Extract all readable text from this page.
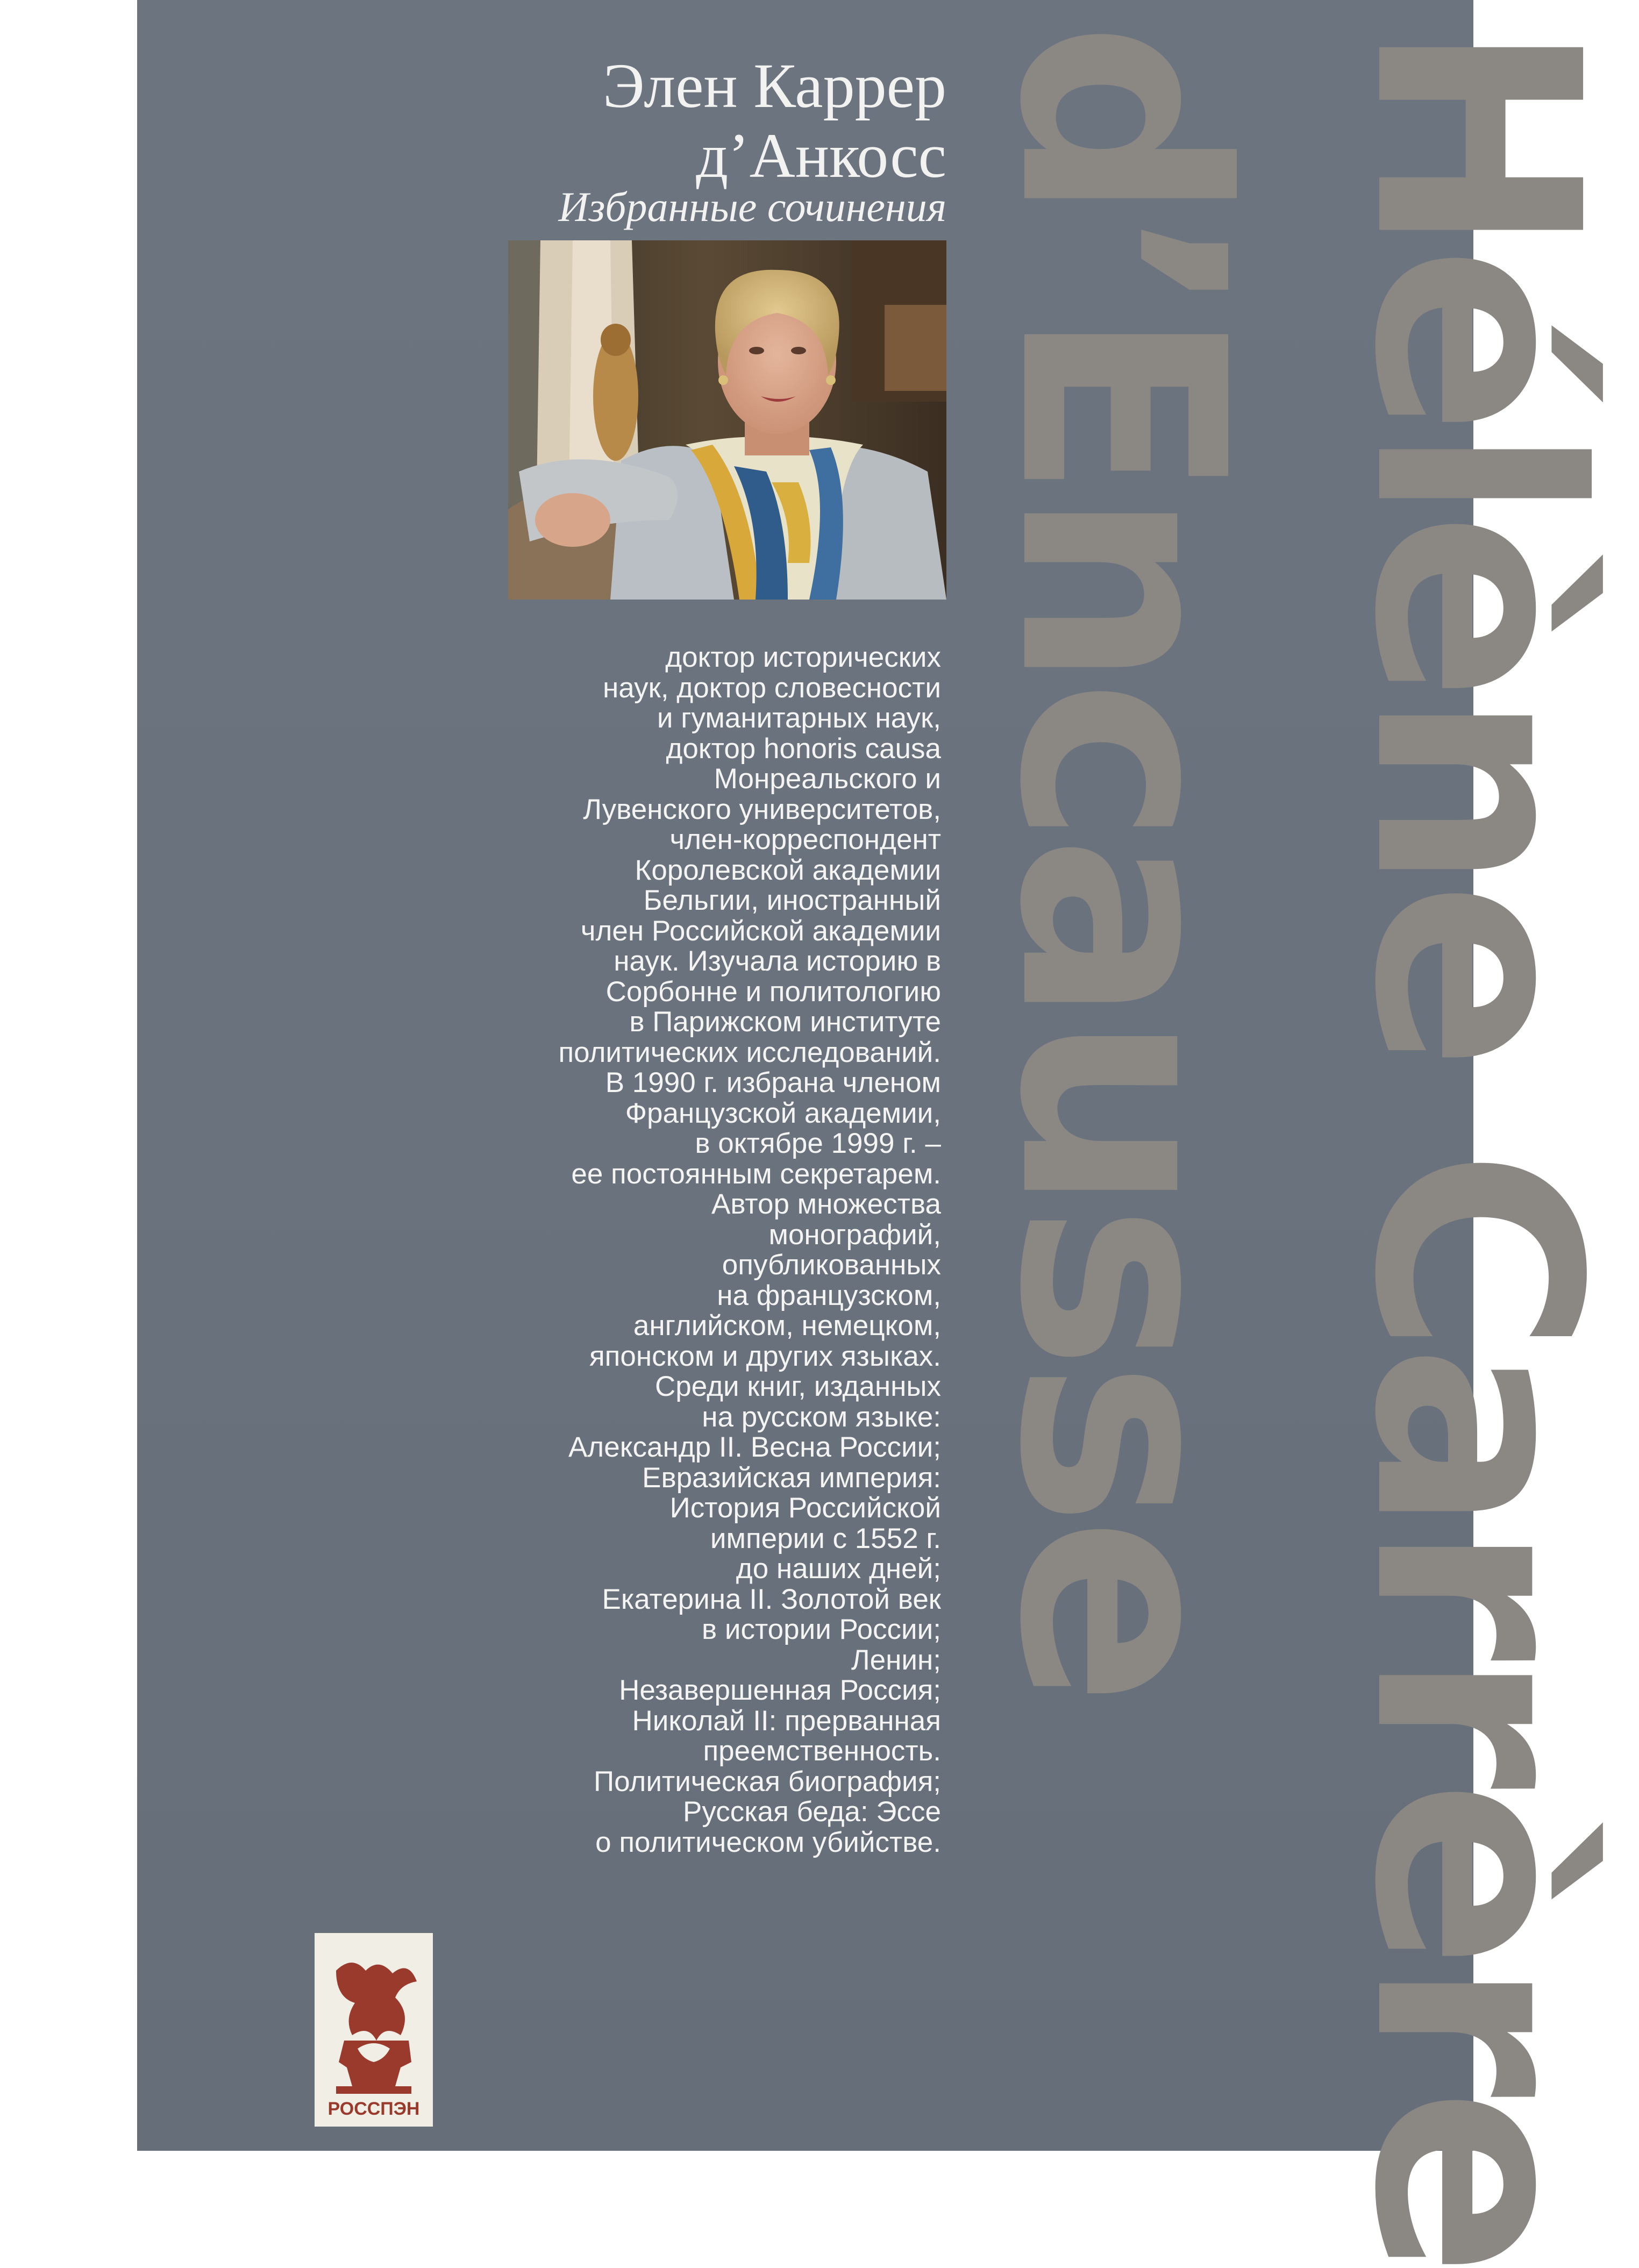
Hélène Carrère
d’Encausse
Элен Каррер
д’Анкосс
Избранные сочинения
доктор исторических
наук, доктор словесности
и гуманитарных наук,
доктор honoris causa
Монреальского и
Лувенского университетов,
член-корреспондент
Королевской академии
Бельгии, иностранный
член Российской академии
наук. Изучала историю в
Сорбонне и политологию
в Парижском институте
политических исследований.
В 1990 г. избрана членом
Французской академии,
в октябре 1999 г. –
ее постоянным секретарем.
Автор множества
монографий,
опубликованных
на французском,
английском, немецком,
японском и других языках.
Среди книг, изданных
на русском языке:
Александр II. Весна России;
Евразийская империя:
История Российской
империи с 1552 г.
до наших дней;
Екатерина II. Золотой век
в истории России;
Ленин;
Незавершенная Россия;
Николай II: прерванная
преемственность.
Политическая биография;
Русская беда: Эссе
о политическом убийстве.
РОССПЭН
